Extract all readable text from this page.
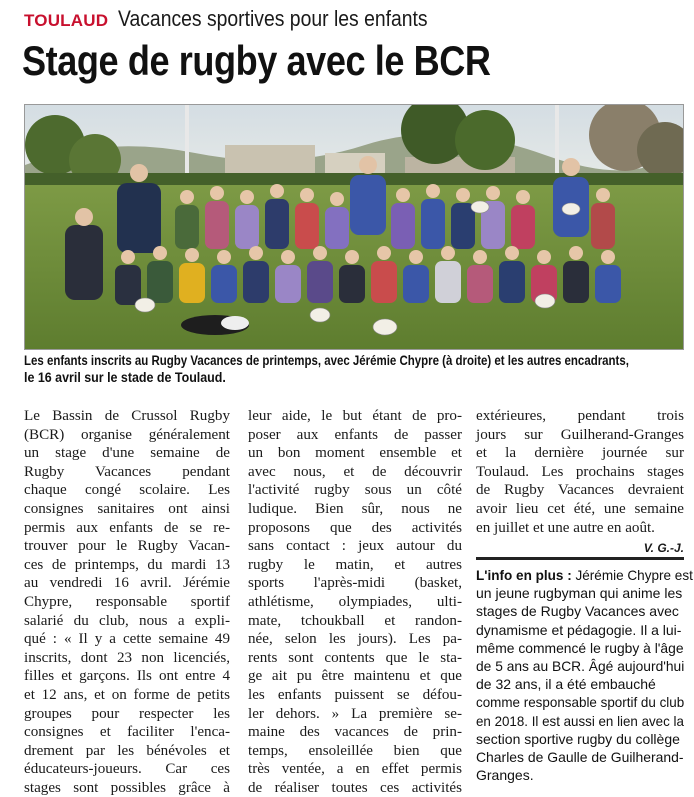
TOULAUD Vacances sportives pour les enfants
Stage de rugby avec le BCR
Les enfants inscrits au Rugby Vacances de printemps, avec Jérémie Chypre (à droite) et les autres encadrants,
le 16 avril sur le stade de Toulaud.
Le Bassin de Crussol Rugby
(BCR) organise généralement
un stage d'une semaine de
Rugby Vacances pendant
chaque congé scolaire. Les
consignes sanitaires ont ainsi
permis aux enfants de se re-
trouver pour le Rugby Vacan-
ces de printemps, du mardi 13
au vendredi 16 avril. Jérémie
Chypre, responsable sportif
salarié du club, nous a expli-
qué : « Il y a cette semaine 49
inscrits, dont 23 non licenciés,
filles et garçons. Ils ont entre 4
et 12 ans, et on forme de petits
groupes pour respecter les
consignes et faciliter l'enca-
drement par les bénévoles et
éducateurs-joueurs. Car ces
stages sont possibles grâce à
leur aide, le but étant de pro-
poser aux enfants de passer
un bon moment ensemble et
avec nous, et de découvrir
l'activité rugby sous un côté
ludique. Bien sûr, nous ne
proposons que des activités
sans contact : jeux autour du
rugby le matin, et autres
sports l'après-midi (basket,
athlétisme, olympiades, ulti-
mate, tchoukball et randon-
née, selon les jours). Les pa-
rents sont contents que le sta-
ge ait pu être maintenu et que
les enfants puissent se défou-
ler dehors. » La première se-
maine des vacances de prin-
temps, ensoleillée bien que
très ventée, a en effet permis
de réaliser toutes ces activités
extérieures, pendant trois
jours sur Guilherand-Granges
et la dernière journée sur
Toulaud. Les prochains stages
de Rugby Vacances devraient
avoir lieu cet été, une semaine
en juillet et une autre en août.
V. G.-J.
L'info en plus : Jérémie Chypre est
un jeune rugbyman qui anime les
stages de Rugby Vacances avec
dynamisme et pédagogie. Il a lui-
même commencé le rugby à l'âge
de 5 ans au BCR. Âgé aujourd'hui
de 32 ans, il a été embauché
comme responsable sportif du club
en 2018. Il est aussi en lien avec la
section sportive rugby du collège
Charles de Gaulle de Guilherand-
Granges.
